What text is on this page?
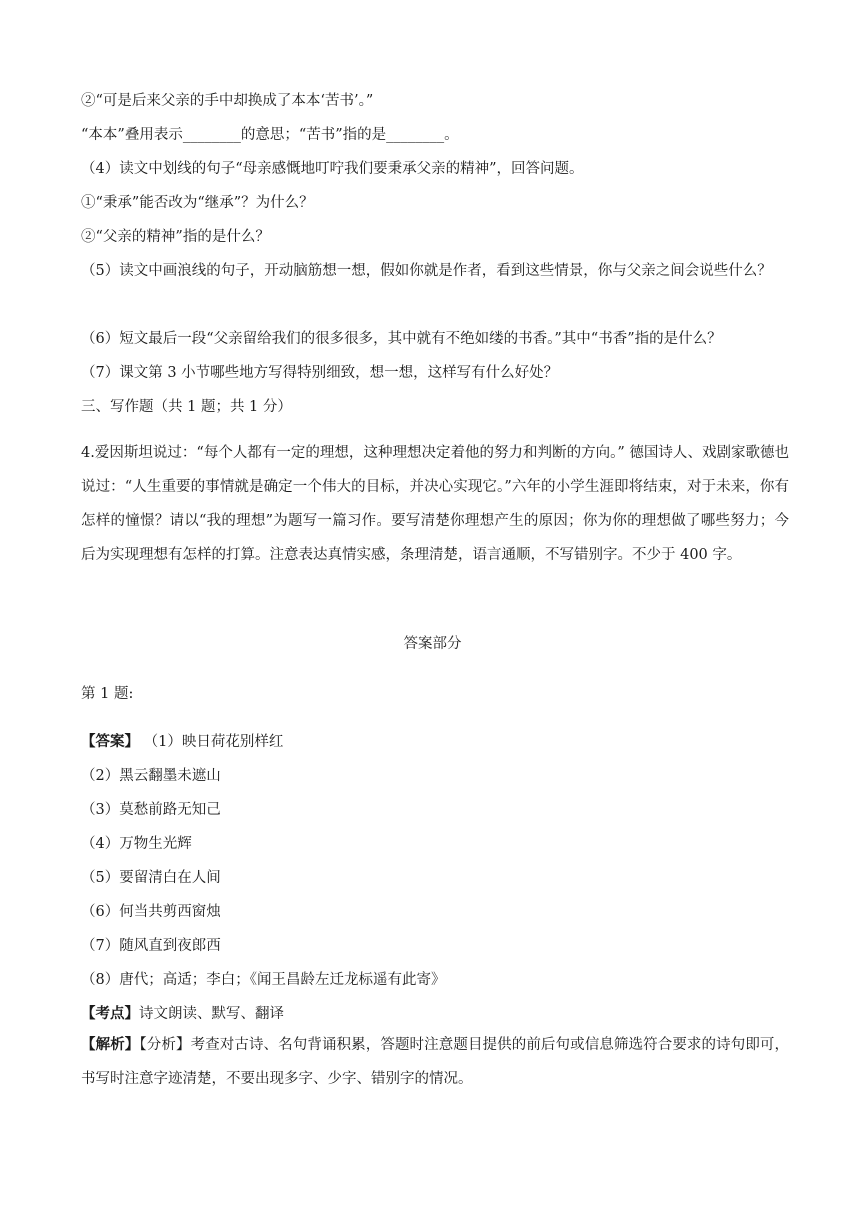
②“可是后来父亲的手中却换成了本本‘苦书’。”
“本本”叠用表示________的意思；“苦书”指的是________。
（4）读文中划线的句子“母亲感慨地叮咛我们要秉承父亲的精神”，回答问题。
①“秉承”能否改为“继承”？为什么？
②“父亲的精神”指的是什么？
（5）读文中画浪线的句子，开动脑筋想一想，假如你就是作者，看到这些情景，你与父亲之间会说些什么？
（6）短文最后一段“父亲留给我们的很多很多，其中就有不绝如缕的书香。”其中“书香”指的是什么？
（7）课文第 3 小节哪些地方写得特别细致，想一想，这样写有什么好处？
三、写作题（共 1 题；共 1 分）
4.爱因斯坦说过：“每个人都有一定的理想，这种理想决定着他的努力和判断的方向。” 德国诗人、戏剧家歌德也说过：“人生重要的事情就是确定一个伟大的目标，并决心实现它。”六年的小学生涯即将结束，对于未来，你有怎样的憧憬？请以“我的理想”为题写一篇习作。要写清楚你理想产生的原因；你为你的理想做了哪些努力；今后为实现理想有怎样的打算。注意表达真情实感，条理清楚，语言通顺，不写错别字。不少于 400 字。
答案部分
第 1 题:
【答案】 （1）映日荷花别样红
（2）黑云翻墨未遮山
（3）莫愁前路无知己
（4）万物生光辉
（5）要留清白在人间
（6）何当共剪西窗烛
（7）随风直到夜郎西
（8）唐代；高适；李白；《闻王昌龄左迁龙标遥有此寄》
【考点】诗文朗读、默写、翻译
【解析】【分析】考查对古诗、名句背诵积累，答题时注意题目提供的前后句或信息筛选符合要求的诗句即可，书写时注意字迹清楚，不要出现多字、少字、错别字的情况。
